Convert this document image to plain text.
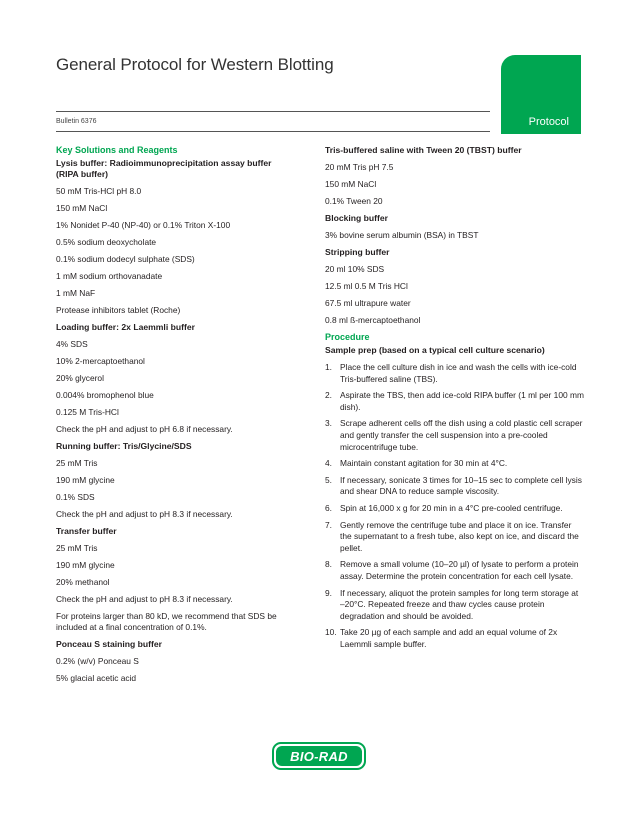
General Protocol for Western Blotting
Bulletin 6376	Protocol
Key Solutions and Reagents
Lysis buffer: Radioimmunoprecipitation assay buffer (RIPA buffer)
50 mM Tris-HCl pH 8.0
150 mM NaCl
1% Nonidet P-40 (NP-40) or 0.1% Triton X-100
0.5% sodium deoxycholate
0.1% sodium dodecyl sulphate (SDS)
1 mM sodium orthovanadate
1 mM NaF
Protease inhibitors tablet (Roche)
Loading buffer: 2x Laemmli buffer
4% SDS
10% 2-mercaptoethanol
20% glycerol
0.004% bromophenol blue
0.125 M Tris-HCl
Check the pH and adjust to pH 6.8 if necessary.
Running buffer: Tris/Glycine/SDS
25 mM Tris
190 mM glycine
0.1% SDS
Check the pH and adjust to pH 8.3 if necessary.
Transfer buffer
25 mM Tris
190 mM glycine
20% methanol
Check the pH and adjust to pH 8.3 if necessary.
For proteins larger than 80 kD, we recommend that SDS be included at a final concentration of 0.1%.
Ponceau S staining buffer
0.2% (w/v) Ponceau S
5% glacial acetic acid
Tris-buffered saline with Tween 20 (TBST) buffer
20 mM Tris pH 7.5
150 mM NaCl
0.1% Tween 20
Blocking buffer
3% bovine serum albumin (BSA) in TBST
Stripping buffer
20 ml 10% SDS
12.5 ml 0.5 M Tris HCl
67.5 ml ultrapure water
0.8 ml ß-mercaptoethanol
Procedure
Sample prep (based on a typical cell culture scenario)
1. Place the cell culture dish in ice and wash the cells with ice-cold Tris-buffered saline (TBS).
2. Aspirate the TBS, then add ice-cold RIPA buffer (1 ml per 100 mm dish).
3. Scrape adherent cells off the dish using a cold plastic cell scraper and gently transfer the cell suspension into a pre-cooled microcentrifuge tube.
4. Maintain constant agitation for 30 min at 4°C.
5. If necessary, sonicate 3 times for 10–15 sec to complete cell lysis and shear DNA to reduce sample viscosity.
6. Spin at 16,000 x g for 20 min in a 4°C pre-cooled centrifuge.
7. Gently remove the centrifuge tube and place it on ice. Transfer the supernatant to a fresh tube, also kept on ice, and discard the pellet.
8. Remove a small volume (10–20 µl) of lysate to perform a protein assay. Determine the protein concentration for each cell lysate.
9. If necessary, aliquot the protein samples for long term storage at –20°C. Repeated freeze and thaw cycles cause protein degradation and should be avoided.
10. Take 20 µg of each sample and add an equal volume of 2x Laemmli sample buffer.
BIO-RAD
